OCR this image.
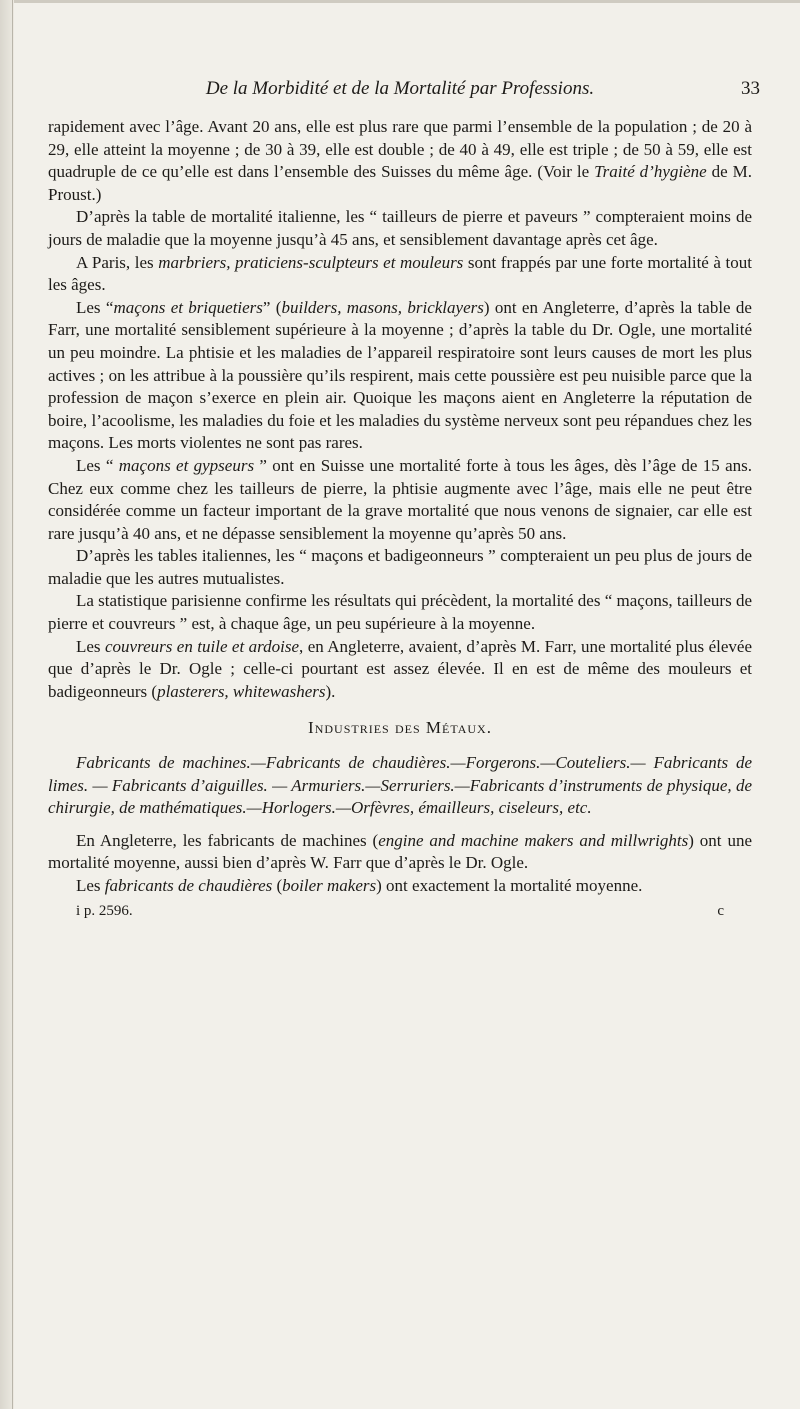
De la Morbidité et de la Mortalité par Professions.	33

rapidement avec l’âge. Avant 20 ans, elle est plus rare que parmi l’ensemble de la population ; de 20 à 29, elle atteint la moyenne ; de 30 à 39, elle est double ; de 40 à 49, elle est triple ; de 50 à 59, elle est quadruple de ce qu’elle est dans l’ensemble des Suisses du même âge. (Voir le Traité d’hygiène de M. Proust.)

D’après la table de mortalité italienne, les “ tailleurs de pierre et paveurs ” compteraient moins de jours de maladie que la moyenne jusqu’à 45 ans, et sensiblement davantage après cet âge.

A Paris, les marbriers, praticiens-sculpteurs et mouleurs sont frappés par une forte mortalité à tout les âges.

Les “maçons et briquetiers” (builders, masons, bricklayers) ont en Angleterre, d’après la table de Farr, une mortalité sensiblement supérieure à la moyenne ; d’après la table du Dr. Ogle, une mortalité un peu moindre. La phtisie et les maladies de l’appareil respiratoire sont leurs causes de mort les plus actives ; on les attribue à la poussière qu’ils respirent, mais cette poussière est peu nuisible parce que la profession de maçon s’exerce en plein air. Quoique les maçons aient en Angleterre la réputation de boire, l’acoolisme, les maladies du foie et les maladies du système nerveux sont peu répandues chez les maçons. Les morts violentes ne sont pas rares.

Les “ maçons et gypseurs ” ont en Suisse une mortalité forte à tous les âges, dès l’âge de 15 ans. Chez eux comme chez les tailleurs de pierre, la phtisie augmente avec l’âge, mais elle ne peut être considérée comme un facteur important de la grave mortalité que nous venons de signaier, car elle est rare jusqu’à 40 ans, et ne dépasse sensiblement la moyenne qu’après 50 ans.

D’après les tables italiennes, les “ maçons et badigeonneurs ” compteraient un peu plus de jours de maladie que les autres mutualistes.

La statistique parisienne confirme les résultats qui précèdent, la mortalité des “ maçons, tailleurs de pierre et couvreurs ” est, à chaque âge, un peu supérieure à la moyenne.

Les couvreurs en tuile et ardoise, en Angleterre, avaient, d’après M. Farr, une mortalité plus élevée que d’après le Dr. Ogle ; celle-ci pourtant est assez élevée. Il en est de même des mouleurs et badigeonneurs (plasterers, whitewashers).

Industries des Métaux.

Fabricants de machines.—Fabricants de chaudières.—Forgerons.—Couteliers.— Fabricants de limes. — Fabricants d’aiguilles. — Armuriers.—Serruriers.—Fabricants d’instruments de physique, de chirurgie, de mathématiques.—Horlogers.—Orfèvres, émailleurs, ciseleurs, etc.

En Angleterre, les fabricants de machines (engine and machine makers and millwrights) ont une mortalité moyenne, aussi bien d’après W. Farr que d’après le Dr. Ogle.

Les fabricants de chaudières (boiler makers) ont exactement la mortalité moyenne.

i p. 2596.	c
